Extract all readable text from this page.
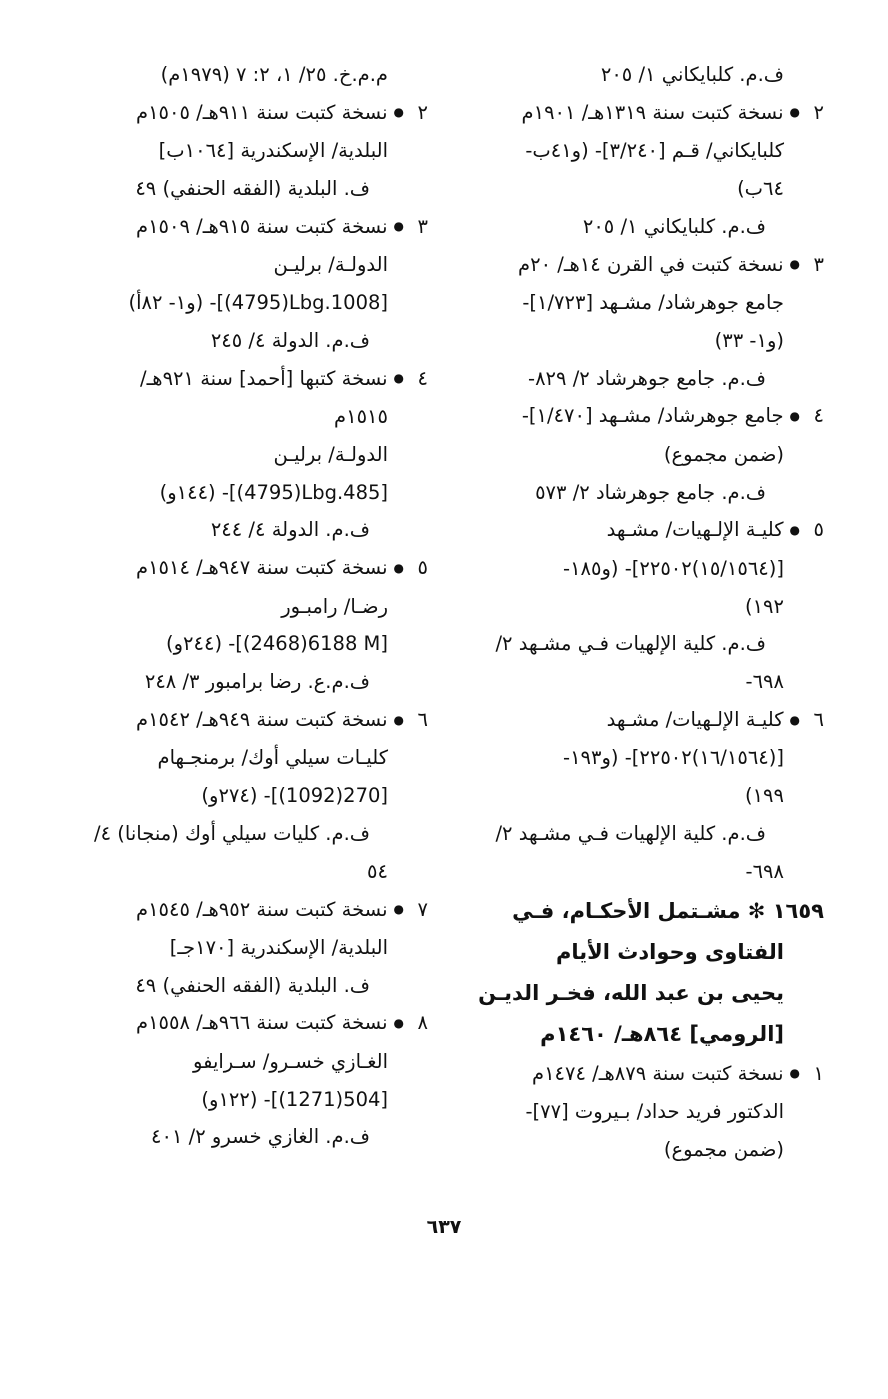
ف.م. كلبايكاني ١/ ٢٠٥
٢●نسخة كتبت سنة ١٣١٩هـ/ ١٩٠١م
كلبايكاني/ قـم [٣/٢٤٠]- (و٤١ب-
٦٤ب)
ف.م. كلبايكاني ١/ ٢٠٥
٣●نسخة كتبت في القرن ١٤هـ/ ٢٠م
جامع جوهرشاد/ مشـهد [١/٧٢٣]-
(و١- ٣٣)
ف.م. جامع جوهرشاد ٢/ ٨٢٩-
٤●جامع جوهرشاد/ مشـهد [١/٤٧٠]-
(ضمن مجموع)
ف.م. جامع جوهرشاد ٢/ ٥٧٣
٥●كليـة الإلـهيات/ مشـهد
[(١٥/١٥٦٤)٢٢٥٠٢]- (و١٨٥-
١٩٢)
ف.م. كلية الإلهيات فـي مشـهد ٢/
٦٩٨-
٦●كليـة الإلـهيات/ مشـهد
[(١٦/١٥٦٤)٢٢٥٠٢]- (و١٩٣-
١٩٩)
ف.م. كلية الإلهيات فـي مشـهد ٢/
٦٩٨-
١٦٥٩ ✻ مشـتمل الأحكـام، فـي
الفتاوى وحوادث الأيام
يحيى بن عبد الله، فخـر الديـن
[الرومي] ٨٦٤هـ/ ١٤٦٠م
١●نسخة كتبت سنة ٨٧٩هـ/ ١٤٧٤م
الدكتور فريد حداد/ بـيروت [٧٧]-
(ضمن مجموع)
م.م.خ. ٢٥/ ١، ٢: ٧ (١٩٧٩م)
٢●نسخة كتبت سنة ٩١١هـ/ ١٥٠٥م
البلدية/ الإسكندرية [١٠٦٤ب]
ف. البلدية (الفقه الحنفي) ٤٩
٣●نسخة كتبت سنة ٩١٥هـ/ ١٥٠٩م
الدولـة/ برليـن
[(4795)Lbg.1008]- (و١- ٨٢أ)
ف.م. الدولة ٤/ ٢٤٥
٤●نسخة كتبها [أحمد] سنة ٩٢١هـ/
١٥١٥م
الدولـة/ برليـن
[(4795)Lbg.485]- (١٤٤و)
ف.م. الدولة ٤/ ٢٤٤
٥●نسخة كتبت سنة ٩٤٧هـ/ ١٥١٤م
رضـا/ رامبـور
[(2468)6188 M]- (٢٤٤و)
ف.م.ع. رضا برامبور ٣/ ٢٤٨
٦●نسخة كتبت سنة ٩٤٩هـ/ ١٥٤٢م
كليـات سيلي أوك/ برمنجـهام
[(1092)270]- (٢٧٤و)
ف.م. كليات سيلي أوك (منجانا) ٤/
٥٤
٧●نسخة كتبت سنة ٩٥٢هـ/ ١٥٤٥م
البلدية/ الإسكندرية [١٧٠جـ]
ف. البلدية (الفقه الحنفي) ٤٩
٨●نسخة كتبت سنة ٩٦٦هـ/ ١٥٥٨م
الغـازي خسـرو/ سـرايفو
[(1271)504]- (١٢٢و)
ف.م. الغازي خسرو ٢/ ٤٠١
٦٣٧
